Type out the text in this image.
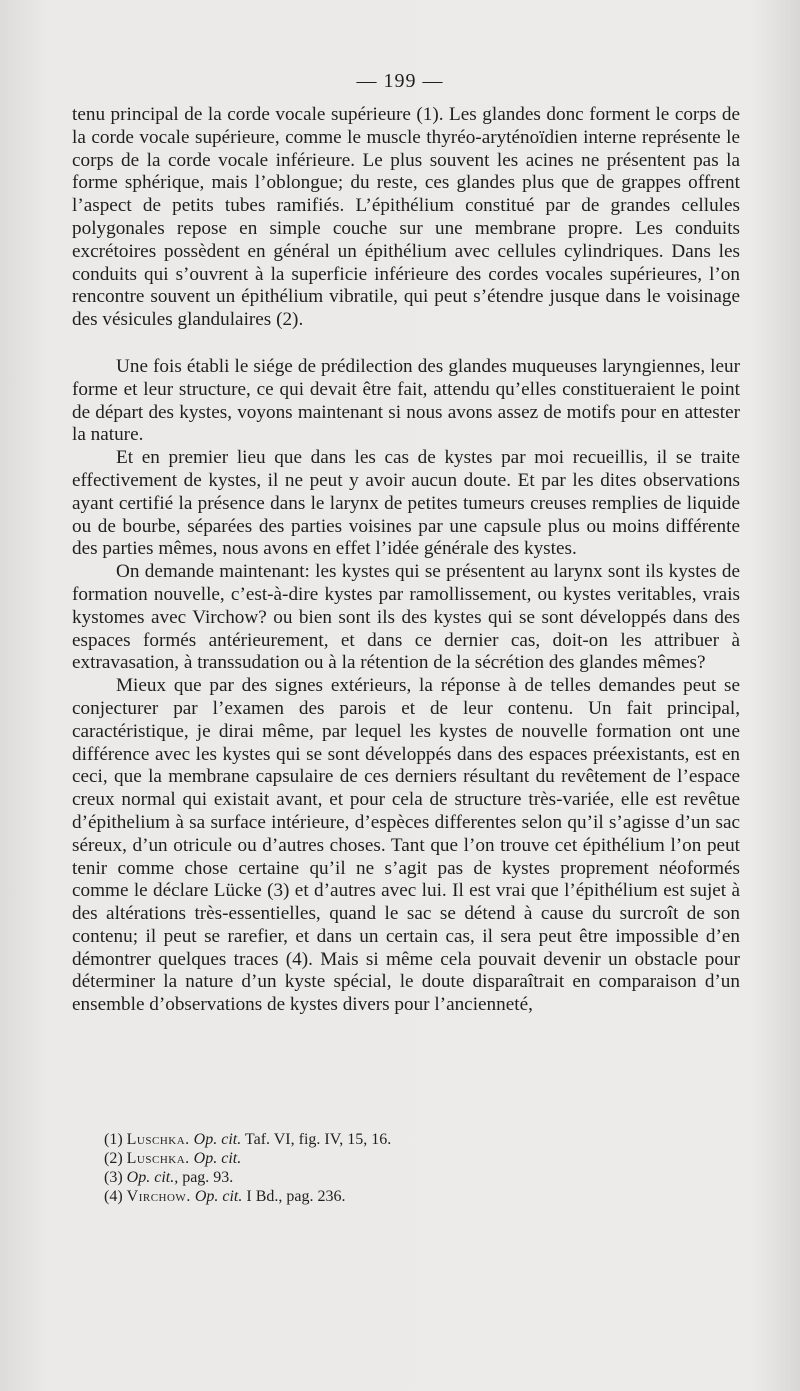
— 199 —

tenu principal de la corde vocale supérieure (1). Les glandes donc forment le corps de la corde vocale supérieure, comme le muscle thyréo-aryténoïdien interne représente le corps de la corde vocale inférieure. Le plus souvent les acines ne présentent pas la forme sphérique, mais l’oblongue; du reste, ces glandes plus que de grappes offrent l’aspect de petits tubes ramifiés. L’épithélium constitué par de grandes cellules polygonales repose en simple couche sur une membrane propre. Les conduits excrétoires possèdent en général un épithélium avec cellules cylindriques. Dans les conduits qui s’ouvrent à la superficie inférieure des cordes vocales supérieures, l’on rencontre souvent un épithélium vibratile, qui peut s’étendre jusque dans le voisinage des vésicules glandulaires (2).

Une fois établi le siége de prédilection des glandes muqueuses laryngiennes, leur forme et leur structure, ce qui devait être fait, attendu qu’elles constitueraient le point de départ des kystes, voyons maintenant si nous avons assez de motifs pour en attester la nature.

Et en premier lieu que dans les cas de kystes par moi recueillis, il se traite effectivement de kystes, il ne peut y avoir aucun doute. Et par les dites observations ayant certifié la présence dans le larynx de petites tumeurs creuses remplies de liquide ou de bourbe, séparées des parties voisines par une capsule plus ou moins différente des parties mêmes, nous avons en effet l’idée générale des kystes.

On demande maintenant: les kystes qui se présentent au larynx sont ils kystes de formation nouvelle, c’est-à-dire kystes par ramollissement, ou kystes veritables, vrais kystomes avec Virchow? ou bien sont ils des kystes qui se sont développés dans des espaces formés antérieurement, et dans ce dernier cas, doit-on les attribuer à extravasation, à transsudation ou à la rétention de la sécrétion des glandes mêmes?

Mieux que par des signes extérieurs, la réponse à de telles demandes peut se conjecturer par l’examen des parois et de leur contenu. Un fait principal, caractéristique, je dirai même, par lequel les kystes de nouvelle formation ont une différence avec les kystes qui se sont développés dans des espaces préexistants, est en ceci, que la membrane capsulaire de ces derniers résultant du revêtement de l’espace creux normal qui existait avant, et pour cela de structure très-variée, elle est revêtue d’épithelium à sa surface intérieure, d’espèces differentes selon qu’il s’agisse d’un sac séreux, d’un otricule ou d’autres choses. Tant que l’on trouve cet épithélium l’on peut tenir comme chose certaine qu’il ne s’agit pas de kystes proprement néoformés comme le déclare Lücke (3) et d’autres avec lui. Il est vrai que l’épithélium est sujet à des altérations très-essentielles, quand le sac se détend à cause du surcroît de son contenu; il peut se rarefier, et dans un certain cas, il sera peut être impossible d’en démontrer quelques traces (4). Mais si même cela pouvait devenir un obstacle pour déterminer la nature d’un kyste spécial, le doute disparaîtrait en comparaison d’un ensemble d’observations de kystes divers pour l’ancienneté,

(1) Luschka. Op. cit. Taf. VI, fig. IV, 15, 16.
(2) Luschka. Op. cit.
(3) Op. cit., pag. 93.
(4) Virchow. Op. cit. I Bd., pag. 236.
